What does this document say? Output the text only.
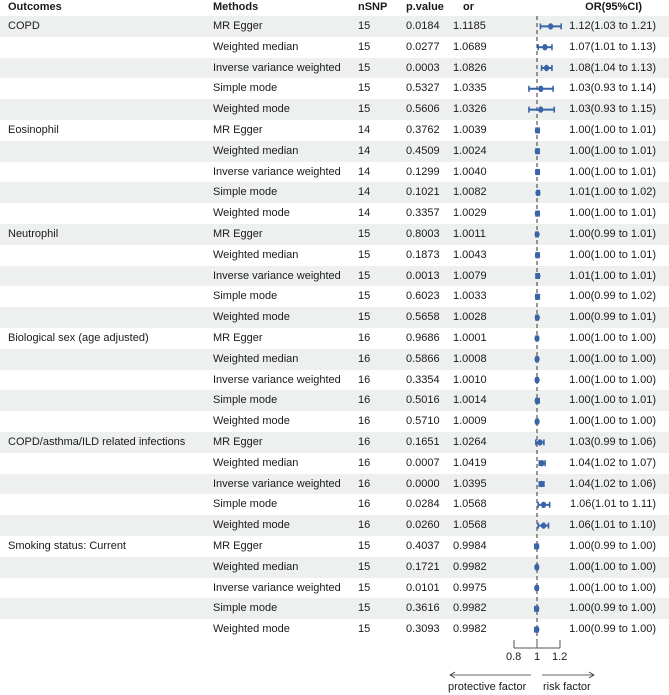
Outcomes	Methods	nSNP p.value or	OR(95%CI)
COPD	MR Egger	15	0.0184 1.1185	1.12(1.03 to 1.21)
Weighted median	15	0.0277 1.0689	1.07(1.01 to 1.13)
Inverse variance weighted 15	0.0003 1.0826	1.08(1.04 to 1.13)
Simple mode	15	0.5327 1.0335	1.03(0.93 to 1.14)
Weighted mode	15	0.5606 1.0326	1.03(0.93 to 1.15)
Eosinophil	MR Egger	14	0.3762 1.0039	1.00(1.00 to 1.01)
Weighted median	14	0.4509 1.0024	1.00(1.00 to 1.01)
Inverse variance weighted 14	0.1299 1.0040	1.00(1.00 to 1.01)
Simple mode	14	0.1021 1.0082	1.01(1.00 to 1.02)
Weighted mode	14	0.3357 1.0029	1.00(1.00 to 1.01)
Neutrophil	MR Egger	15	0.8003 1.0011	1.00(0.99 to 1.01)
Weighted median	15	0.1873 1.0043	1.00(1.00 to 1.01)
Inverse variance weighted 15	0.0013 1.0079	1.01(1.00 to 1.01)
Simple mode	15	0.6023 1.0033	1.00(0.99 to 1.02)
Weighted mode	15	0.5658 1.0028	1.00(0.99 to 1.01)
Biological sex (age adjusted)	MR Egger	16	0.9686 1.0001	1.00(1.00 to 1.00)
Weighted median	16	0.5866 1.0008	1.00(1.00 to 1.00)
Inverse variance weighted 16	0.3354 1.0010	1.00(1.00 to 1.00)
Simple mode	16	0.5016 1.0014	1.00(1.00 to 1.01)
Weighted mode	16	0.5710 1.0009	1.00(1.00 to 1.00)
COPD/asthma/ILD related infections	MR Egger	16	0.1651 1.0264	1.03(0.99 to 1.06)
Weighted median	16	0.0007 1.0419	1.04(1.02 to 1.07)
Inverse variance weighted 16	0.0000 1.0395	1.04(1.02 to 1.06)
Simple mode	16	0.0284 1.0568	1.06(1.01 to 1.11)
Weighted mode	16	0.0260 1.0568	1.06(1.01 to 1.10)
Smoking status: Current	MR Egger	15	0.4037 0.9984	1.00(0.99 to 1.00)
Weighted median	15	0.1721 0.9982	1.00(1.00 to 1.00)
Inverse variance weighted 15	0.0101 0.9975	1.00(1.00 to 1.00)
Simple mode	15	0.3616 0.9982	1.00(0.99 to 1.00)
Weighted mode	15	0.3093 0.9982	1.00(0.99 to 1.00)
0.8 1 1.2
protective factor risk factor
